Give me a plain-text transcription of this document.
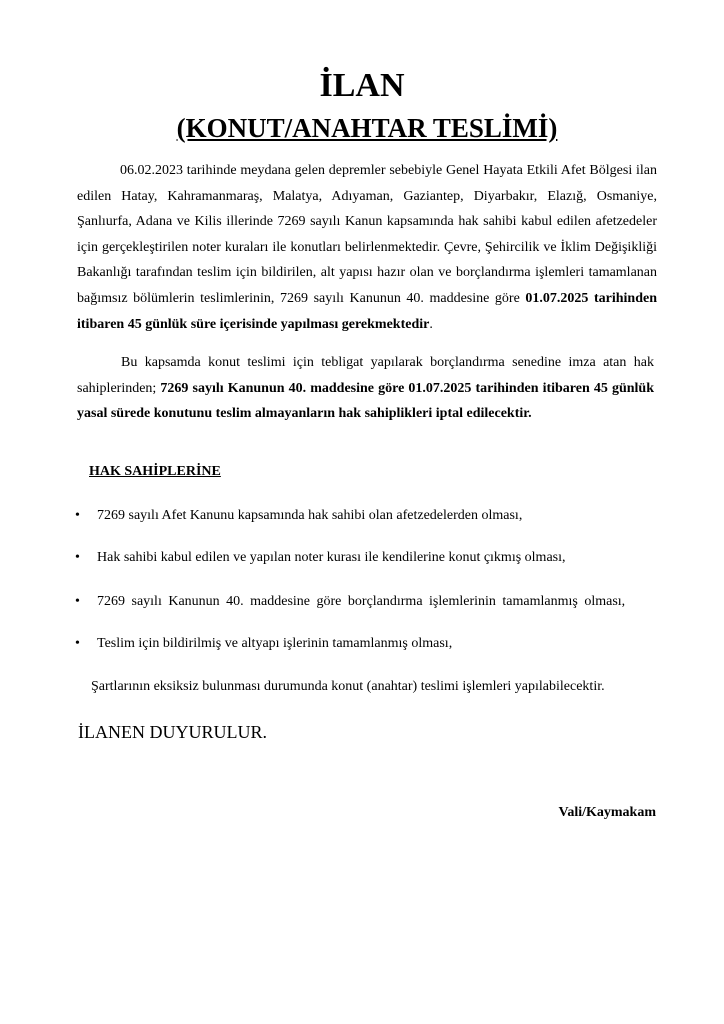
İLAN
(KONUT/ANAHTAR TESLİMİ)

06.02.2023 tarihinde meydana gelen depremler sebebiyle Genel Hayata Etkili Afet Bölgesi ilan edilen Hatay, Kahramanmaraş, Malatya, Adıyaman, Gaziantep, Diyarbakır, Elazığ, Osmaniye, Şanlıurfa, Adana ve Kilis illerinde 7269 sayılı Kanun kapsamında hak sahibi kabul edilen afetzedeler için gerçekleştirilen noter kuraları ile konutları belirlenmektedir. Çevre, Şehircilik ve İklim Değişikliği Bakanlığı tarafından teslim için bildirilen, alt yapısı hazır olan ve borçlandırma işlemleri tamamlanan bağımsız bölümlerin teslimlerinin, 7269 sayılı Kanunun 40. maddesine göre 01.07.2025 tarihinden itibaren 45 günlük süre içerisinde yapılması gerekmektedir.

Bu kapsamda konut teslimi için tebligat yapılarak borçlandırma senedine imza atan hak sahiplerinden; 7269 sayılı Kanunun 40. maddesine göre 01.07.2025 tarihinden itibaren 45 günlük yasal sürede konutunu teslim almayanların hak sahiplikleri iptal edilecektir.

HAK SAHİPLERİNE

•	7269 sayılı Afet Kanunu kapsamında hak sahibi olan afetzedelerden olması,
•	Hak sahibi kabul edilen ve yapılan noter kurası ile kendilerine konut çıkmış olması,
•	7269 sayılı Kanunun 40. maddesine göre borçlandırma işlemlerinin tamamlanmış olması,
•	Teslim için bildirilmiş ve altyapı işlerinin tamamlanmış olması,

Şartlarının eksiksiz bulunması durumunda konut (anahtar) teslimi işlemleri yapılabilecektir.

İLANEN DUYURULUR.

Vali/Kaymakam
